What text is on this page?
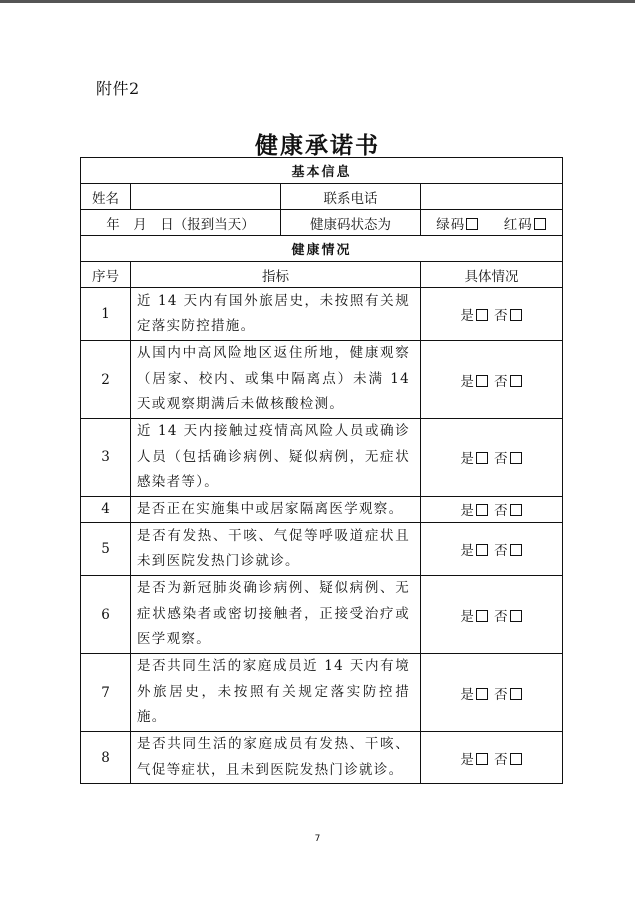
附件2
健康承诺书
基本信息			
姓名		联系电话	
年　月　日（报到当天）		健康码状态为	绿码 红码
健康情况			
序号	指标		具体情况
1	近 14 天内有国外旅居史，未按照有关规定落实防控措施。		是 否
2	从国内中高风险地区返住所地，健康观察（居家、校内、或集中隔离点）未满 14 天或观察期满后未做核酸检测。		是 否
3	近 14 天内接触过疫情高风险人员或确诊人员（包括确诊病例、疑似病例，无症状感染者等）。		是 否
4	是否正在实施集中或居家隔离医学观察。		是 否
5	是否有发热、干咳、气促等呼吸道症状且未到医院发热门诊就诊。		是 否
6	是否为新冠肺炎确诊病例、疑似病例、无症状感染者或密切接触者，正接受治疗或医学观察。		是 否
7	是否共同生活的家庭成员近 14 天内有境外旅居史，未按照有关规定落实防控措施。		是 否
8	是否共同生活的家庭成员有发热、干咳、气促等症状，且未到医院发热门诊就诊。		是 否
7
